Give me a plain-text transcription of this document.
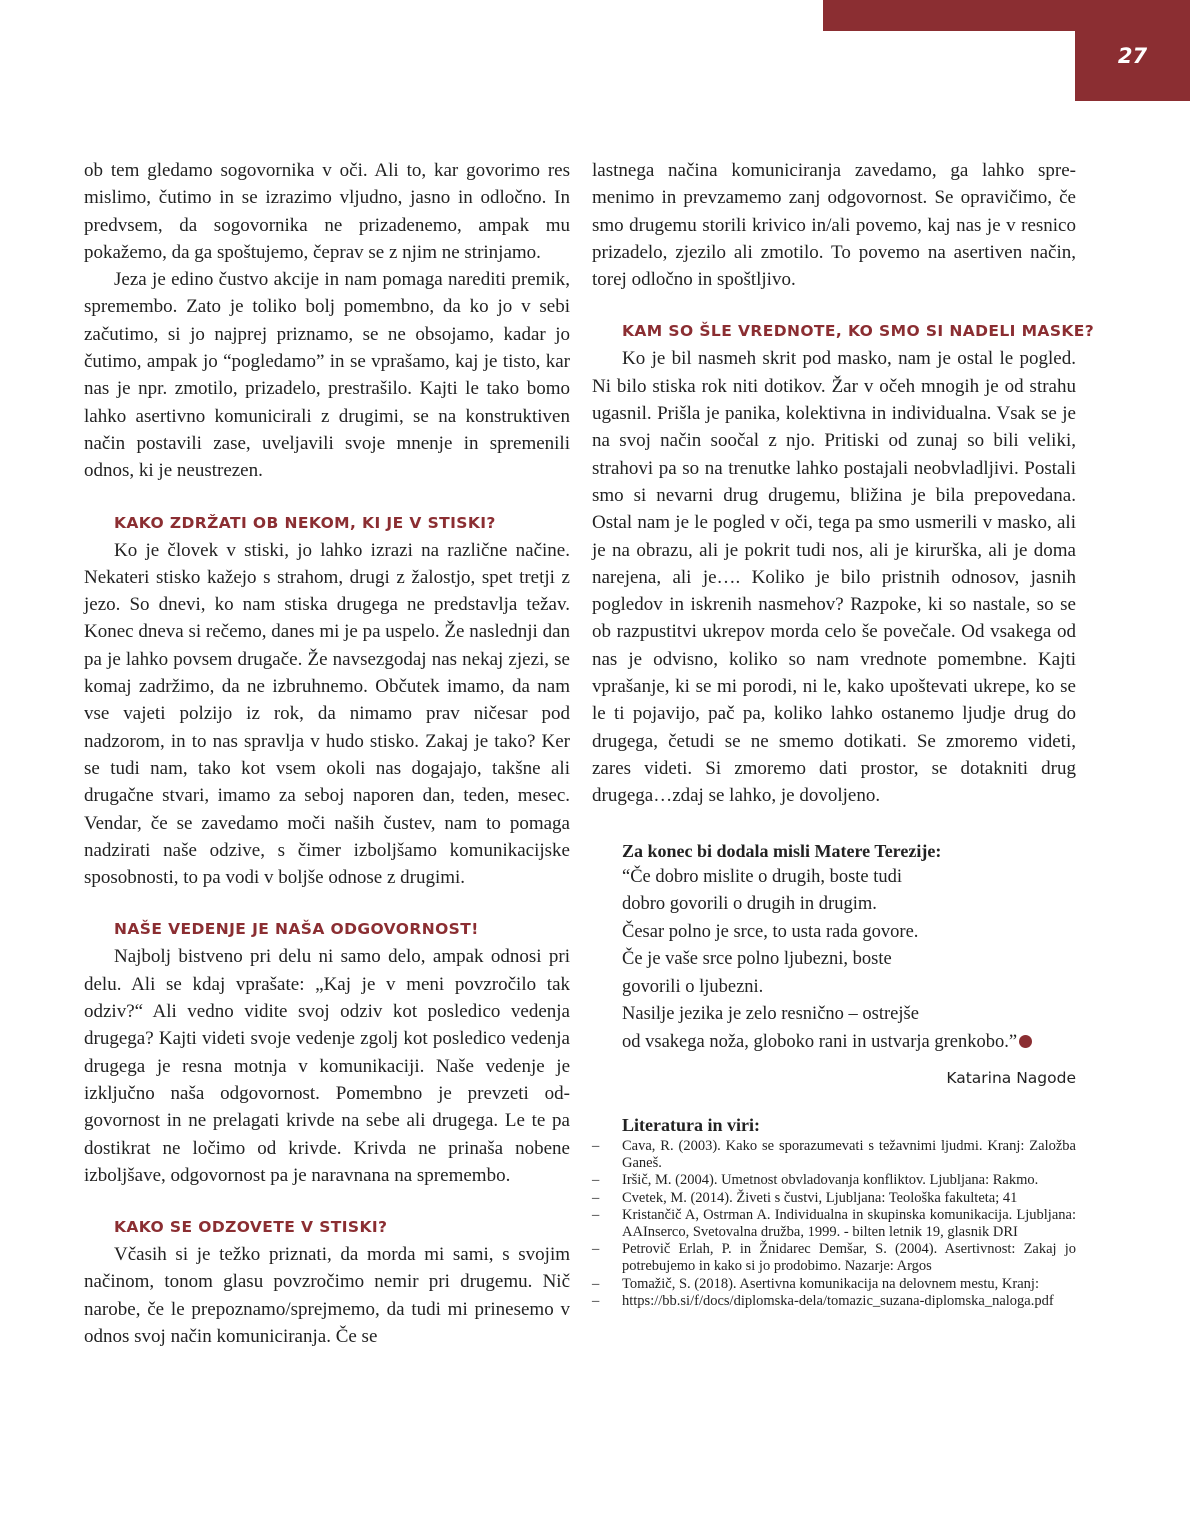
27

ob tem gledamo sogovornika v oči. Ali to, kar govorimo res mislimo, čutimo in se izrazimo vljudno, jasno in odločno. In predvsem, da sogovornika ne prizadenemo, ampak mu pokažemo, da ga spoštujemo, čeprav se z njim ne strinjamo.

Jeza je edino čustvo akcije in nam pomaga narediti premik, spremembo. Zato je toliko bolj pomembno, da ko jo v sebi začutimo, si jo najprej priznamo, se ne obsojamo, kadar jo čutimo, ampak jo “pogledamo” in se vprašamo, kaj je tisto, kar nas je npr. zmotilo, prizadelo, prestrašilo. Kajti le tako bomo lahko asertivno komunicirali z drugimi, se na konstruktiven način postavili zase, uveljavili svoje mnenje in spremenili odnos, ki je neustrezen.

KAKO ZDRŽATI OB NEKOM, KI JE V STISKI?

Ko je človek v stiski, jo lahko izrazi na različne načine. Nekateri stisko kažejo s strahom, drugi z žalostjo, spet tretji z jezo. So dnevi, ko nam stiska drugega ne predstavlja težav. Konec dneva si rečemo, danes mi je pa uspelo. Že naslednji dan pa je lahko povsem drugače. Že navsezgodaj nas nekaj zjezi, se komaj zadržimo, da ne izbruhnemo. Občutek imamo, da nam vse vajeti polzijo iz rok, da nimamo prav ničesar pod nadzorom, in to nas spravlja v hudo stisko. Zakaj je tako? Ker se tudi nam, tako kot vsem okoli nas dogajajo, takšne ali drugačne stvari, imamo za seboj naporen dan, teden, mesec. Vendar, če se zavedamo moči naših čustev, nam to pomaga nadzirati naše odzive, s čimer izboljšamo komunikacijske sposobnosti, to pa vodi v boljše odnose z drugimi.

NAŠE VEDENJE JE NAŠA ODGOVORNOST!

Najbolj bistveno pri delu ni samo delo, ampak odnosi pri delu. Ali se kdaj vprašate: „Kaj je v meni povzročilo tak odziv?“ Ali vedno vidite svoj odziv kot posledico vedenja drugega? Kajti videti svoje vedenje zgolj kot posledico vedenja drugega je resna motnja v komunikaciji. Naše vedenje je izključno naša odgovornost. Pomembno je prevzeti odgovornost in ne prelagati krivde na sebe ali drugega. Le te pa dostikrat ne ločimo od krivde. Krivda ne prinaša nobene izboljšave, odgovornost pa je naravnana na spremembo.

KAKO SE ODZOVETE V STISKI?

Včasih si je težko priznati, da morda mi sami, s svojim načinom, tonom glasu povzročimo nemir pri drugemu. Nič narobe, če le prepoznamo/sprejmemo, da tudi mi prinesemo v odnos svoj način komuniciranja. Če se

lastnega načina komuniciranja zavedamo, ga lahko spremenimo in prevzamemo zanj odgovornost. Se opravičimo, če smo drugemu storili krivico in/ali povemo, kaj nas je v resnico prizadelo, zjezilo ali zmotilo. To povemo na asertiven način, torej odločno in spoštljivo.

KAM SO ŠLE VREDNOTE, KO SMO SI NADELI MASKE?

Ko je bil nasmeh skrit pod masko, nam je ostal le pogled. Ni bilo stiska rok niti dotikov. Žar v očeh mnogih je od strahu ugasnil. Prišla je panika, kolektivna in individualna. Vsak se je na svoj način soočal z njo. Pritiski od zunaj so bili veliki, strahovi pa so na trenutke lahko postajali neobvladljivi. Postali smo si nevarni drug drugemu, bližina je bila prepovedana. Ostal nam je le pogled v oči, tega pa smo usmerili v masko, ali je na obrazu, ali je pokrit tudi nos, ali je kirurška, ali je doma narejena, ali je…. Koliko je bilo pristnih odnosov, jasnih pogledov in iskrenih nasmehov? Razpoke, ki so nastale, so se ob razpustitvi ukrepov morda celo še povečale. Od vsakega od nas je odvisno, koliko so nam vrednote pomembne. Kajti vprašanje, ki se mi porodi, ni le, kako upoštevati ukrepe, ko se le ti pojavijo, pač pa, koliko lahko ostanemo ljudje drug do drugega, četudi se ne smemo dotikati. Se zmoremo videti, zares videti. Si zmoremo dati prostor, se dotakniti drug drugega…zdaj se lahko, je dovoljeno.

Za konec bi dodala misli Matere Terezije:
“Če dobro mislite o drugih, boste tudi
dobro govorili o drugih in drugim.
Česar polno je srce, to usta rada govore.
Če je vaše srce polno ljubezni, boste
govorili o ljubezni.
Nasilje jezika je zelo resnično – ostrejše
od vsakega noža, globoko rani in ustvarja grenkobo.”
Katarina Nagode
Literatura in viri:
– Cava, R. (2003). Kako se sporazumevati s težavnimi ljudmi. Kranj: Založba Ganeš.
– Iršič, M. (2004). Umetnost obvladovanja konfliktov. Ljubljana: Rakmo.
– Cvetek, M. (2014). Živeti s čustvi, Ljubljana: Teološka fakulteta; 41
– Kristančič A, Ostrman A. Individualna in skupinska komunikacija. Ljubljana: AAInserco, Svetovalna družba, 1999. - bilten letnik 19, glasnik DRI
– Petrovič Erlah, P. in Žnidarec Demšar, S. (2004). Asertivnost: Zakaj jo potrebujemo in kako si jo prodobimo. Nazarje: Argos
– Tomažič, S. (2018). Asertivna komunikacija na delovnem mestu, Kranj:
– https://bb.si/f/docs/diplomska-dela/tomazic_suzana-diplomska_​naloga.pdf
